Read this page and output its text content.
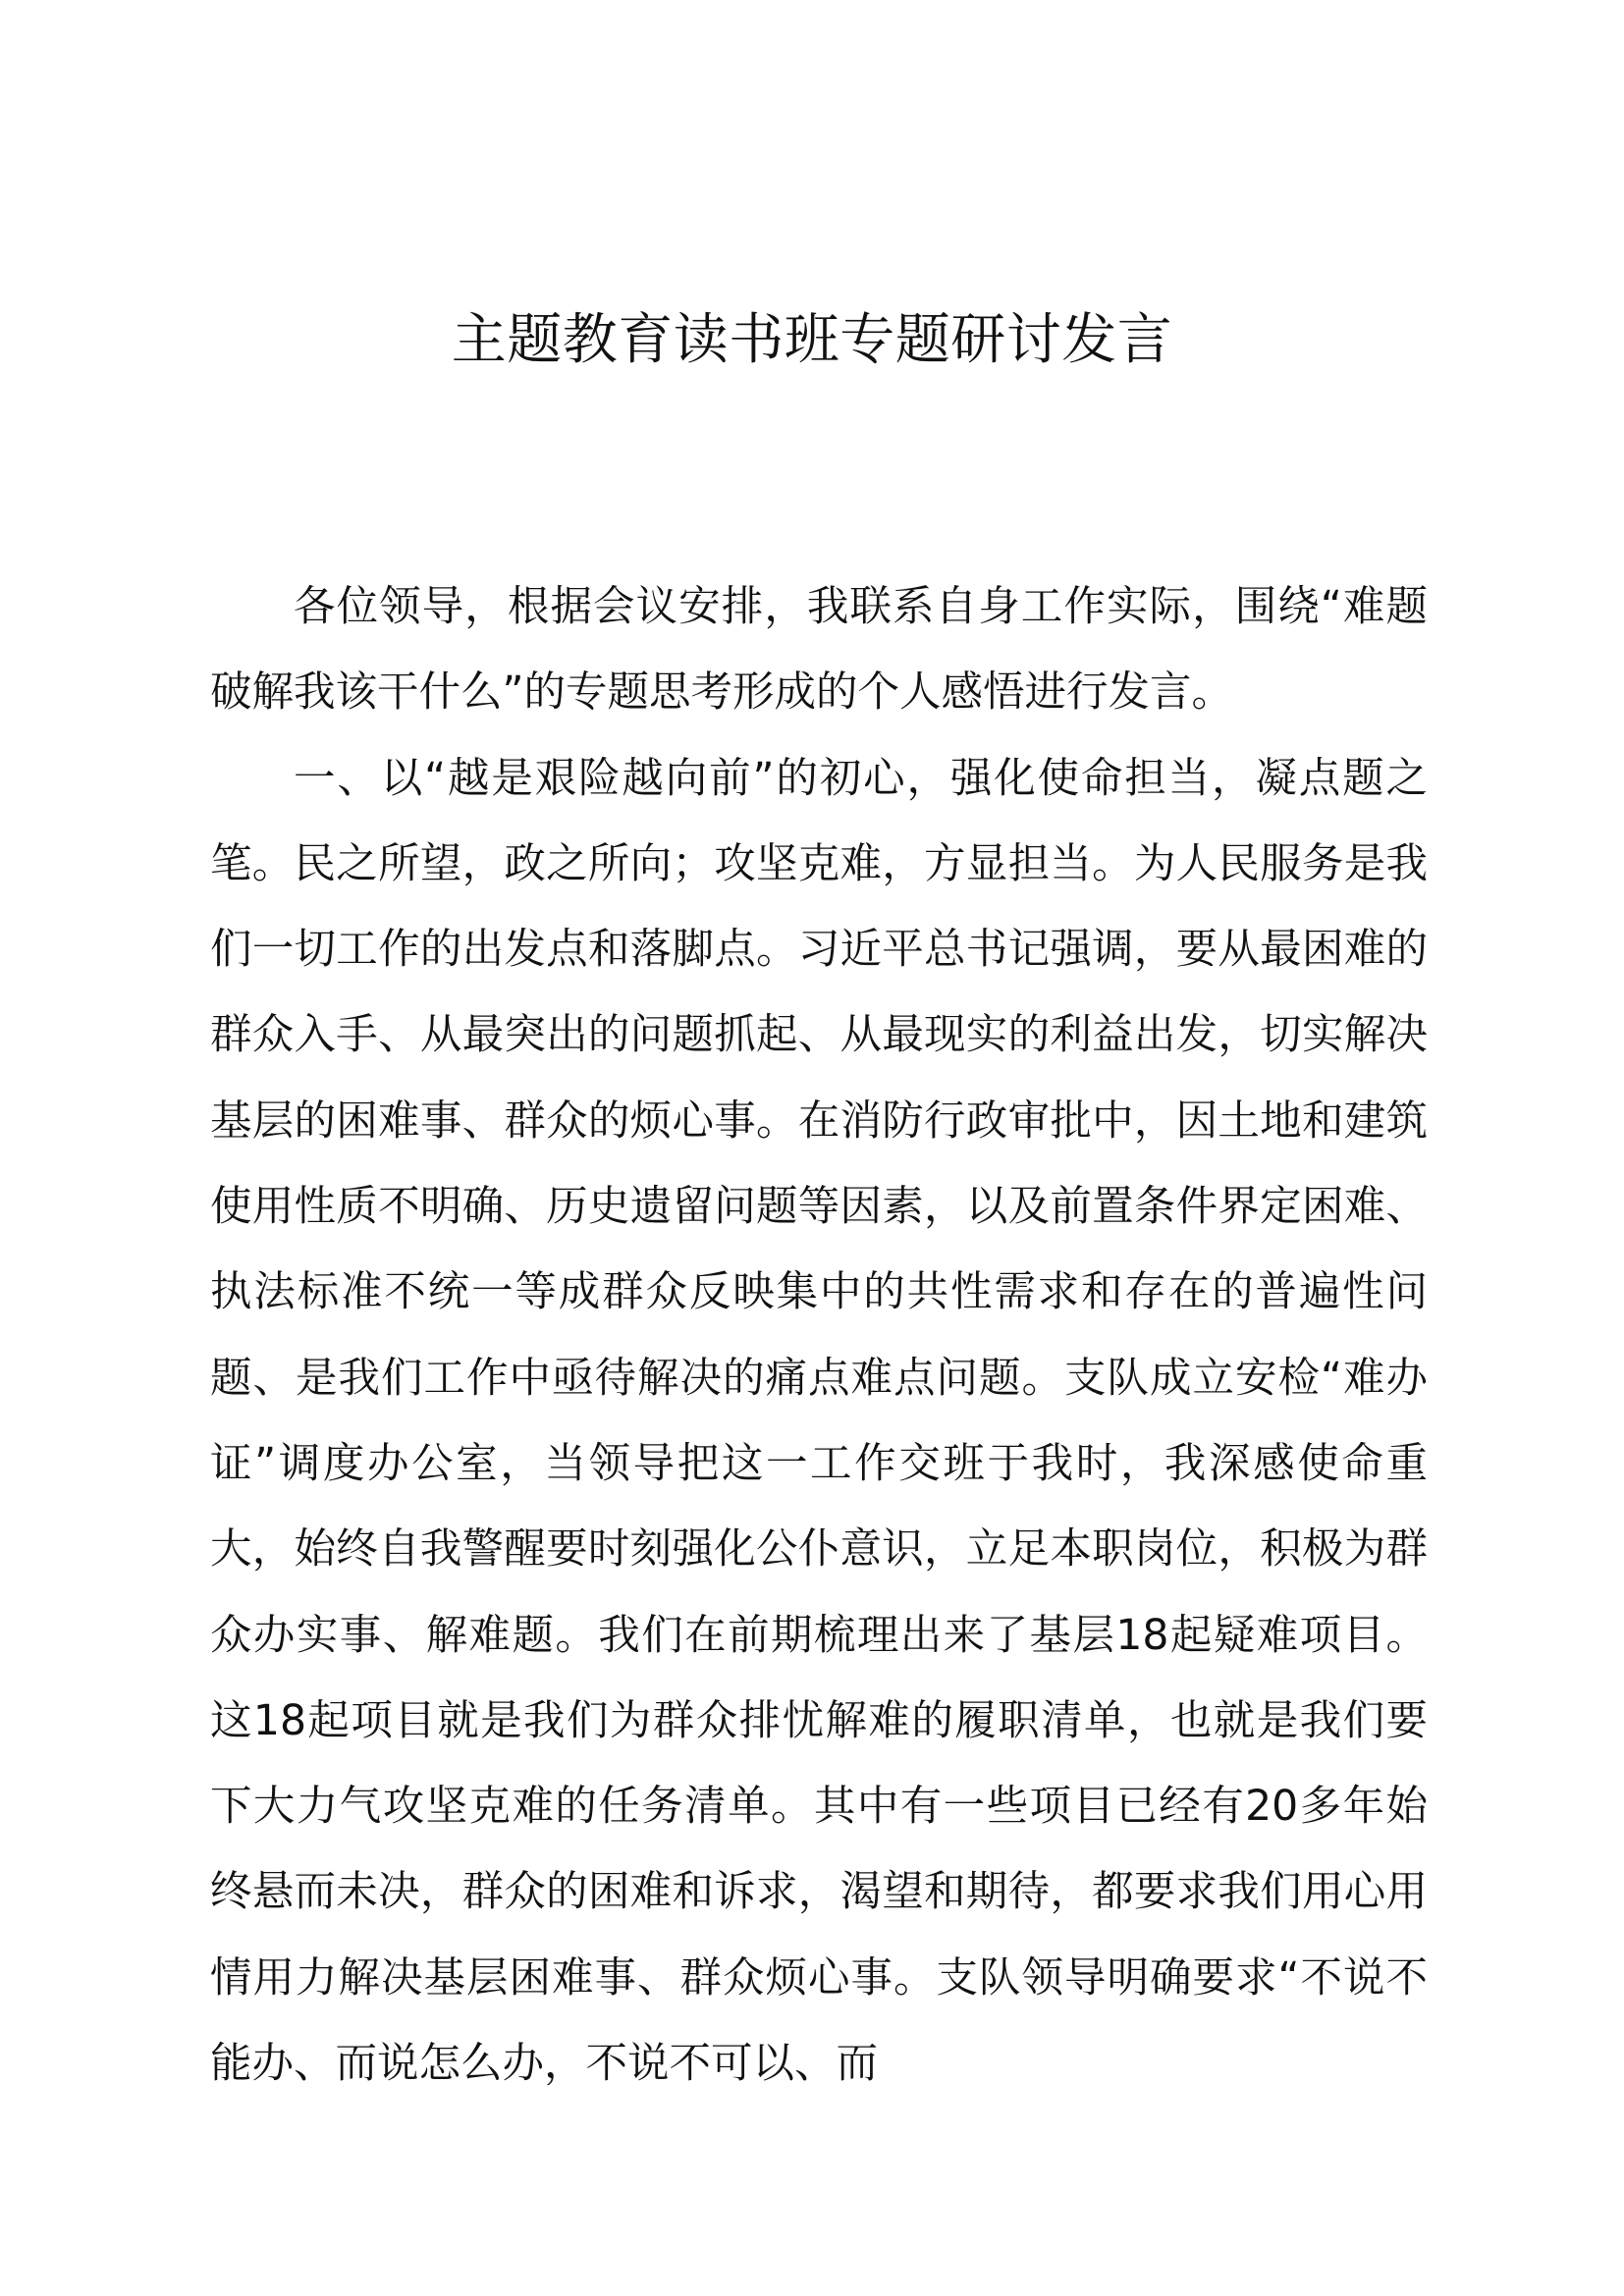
主题教育读书班专题研讨发言

各位领导，根据会议安排，我联系自身工作实际，围绕“难题破解我该干什么”的专题思考形成的个人感悟进行发言。

一、以“越是艰险越向前”的初心，强化使命担当，凝点题之笔。民之所望，政之所向；攻坚克难，方显担当。为人民服务是我们一切工作的出发点和落脚点。习近平总书记强调，要从最困难的群众入手、从最突出的问题抓起、从最现实的利益出发，切实解决基层的困难事、群众的烦心事。在消防行政审批中，因土地和建筑使用性质不明确、历史遗留问题等因素，以及前置条件界定困难、执法标准不统一等成群众反映集中的共性需求和存在的普遍性问题、是我们工作中亟待解决的痛点难点问题。支队成立安检“难办证”调度办公室，当领导把这一工作交班于我时，我深感使命重大，始终自我警醒要时刻强化公仆意识，立足本职岗位，积极为群众办实事、解难题。我们在前期梳理出来了基层18起疑难项目。这18起项目就是我们为群众排忧解难的履职清单，也就是我们要下大力气攻坚克难的任务清单。其中有一些项目已经有20多年始终悬而未决，群众的困难和诉求，渴望和期待，都要求我们用心用情用力解决基层困难事、群众烦心事。支队领导明确要求“不说不能办、而说怎么办，不说不可以、而
